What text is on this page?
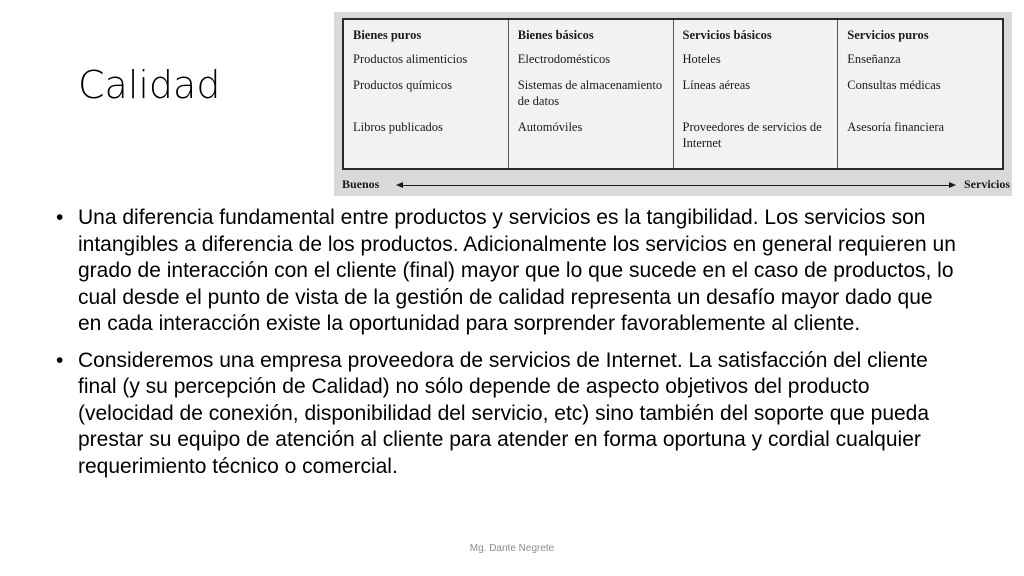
Calidad
Bienes puros

Productos alimenticios

Productos químicos

Libros publicados

Bienes básicos

Electrodomésticos

Sistemas de almacenamiento de datos

Automóviles

Servicios básicos

Hoteles

Líneas aéreas

Proveedores de servicios de Internet

Servicios puros

Enseñanza

Consultas médicas

Asesoría financiera

Buenos	Servicios
• Una diferencia fundamental entre productos y servicios es la tangibilidad. Los servicios son intangibles a diferencia de los productos. Adicionalmente los servicios en general requieren un grado de interacción con el cliente (final) mayor que lo que sucede en el caso de productos, lo cual desde el punto de vista de la gestión de calidad representa un desafío mayor dado que en cada interacción existe la oportunidad para sorprender favorablemente al cliente.
• Consideremos una empresa proveedora de servicios de Internet. La satisfacción del cliente final (y su percepción de Calidad) no sólo depende de aspecto objetivos del producto (velocidad de conexión, disponibilidad del servicio, etc) sino también del soporte que pueda prestar su equipo de atención al cliente para atender en forma oportuna y cordial cualquier requerimiento técnico o comercial.
Mg. Dante Negrete
